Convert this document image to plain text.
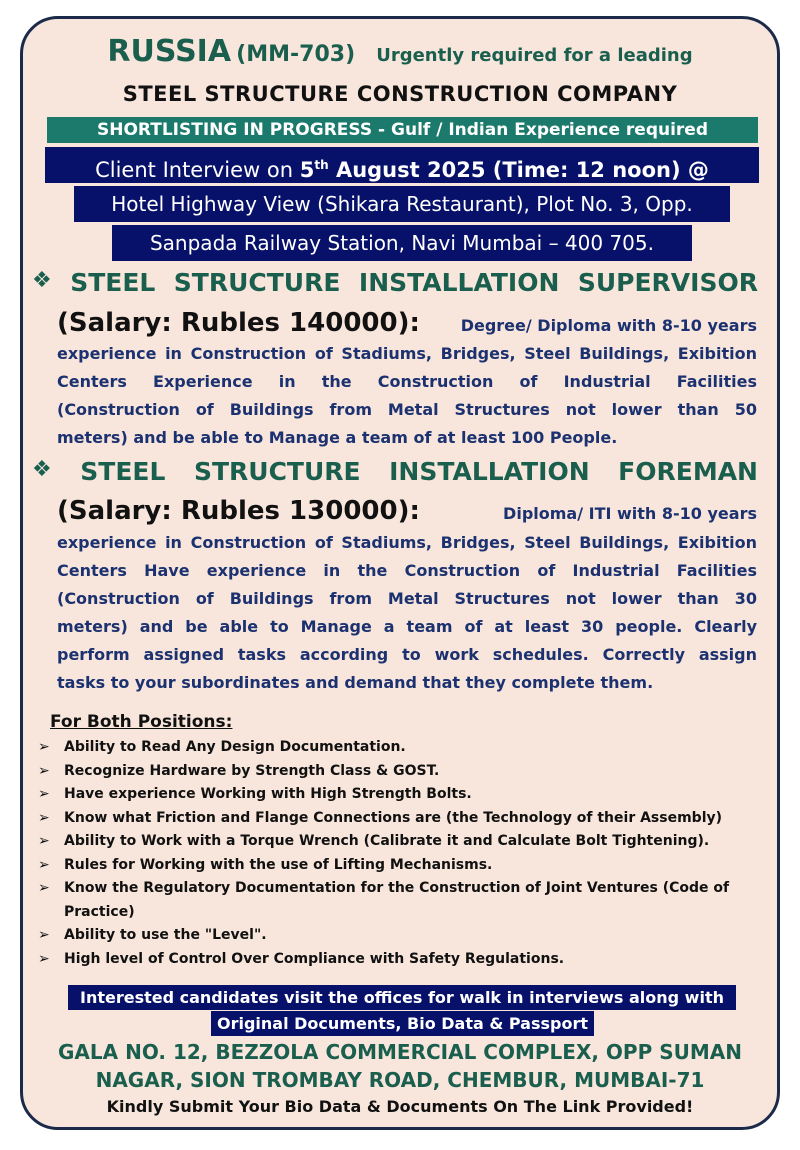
RUSSIA (MM-703) Urgently required for a leading
STEEL STRUCTURE CONSTRUCTION COMPANY
SHORTLISTING IN PROGRESS - Gulf / Indian Experience required
Client Interview on 5th August 2025 (Time: 12 noon) @
Hotel Highway View (Shikara Restaurant), Plot No. 3, Opp.
Sanpada Railway Station, Navi Mumbai – 400 705.
❖ STEEL STRUCTURE INSTALLATION SUPERVISOR
(Salary: Rubles 140000):	Degree/ Diploma with 8-10 years
experience in Construction of Stadiums, Bridges, Steel Buildings, Exibition
Centers Experience in the Construction of Industrial Facilities
(Construction of Buildings from Metal Structures not lower than 50
meters) and be able to Manage a team of at least 100 People.
❖ STEEL STRUCTURE INSTALLATION FOREMAN
(Salary: Rubles 130000):	Diploma/ ITI with 8-10 years
experience in Construction of Stadiums, Bridges, Steel Buildings, Exibition
Centers Have experience in the Construction of Industrial Facilities
(Construction of Buildings from Metal Structures not lower than 30
meters) and be able to Manage a team of at least 30 people. Clearly
perform assigned tasks according to work schedules. Correctly assign
tasks to your subordinates and demand that they complete them.
For Both Positions:
➢ Ability to Read Any Design Documentation.
➢ Recognize Hardware by Strength Class & GOST.
➢ Have experience Working with High Strength Bolts.
➢ Know what Friction and Flange Connections are (the Technology of their Assembly)
➢ Ability to Work with a Torque Wrench (Calibrate it and Calculate Bolt Tightening).
➢ Rules for Working with the use of Lifting Mechanisms.
➢ Know the Regulatory Documentation for the Construction of Joint Ventures (Code of Practice)
➢ Ability to use the "Level".
➢ High level of Control Over Compliance with Safety Regulations.
Interested candidates visit the offices for walk in interviews along with
Original Documents, Bio Data & Passport
GALA NO. 12, BEZZOLA COMMERCIAL COMPLEX, OPP SUMAN
NAGAR, SION TROMBAY ROAD, CHEMBUR, MUMBAI-71
Kindly Submit Your Bio Data & Documents On The Link Provided!
